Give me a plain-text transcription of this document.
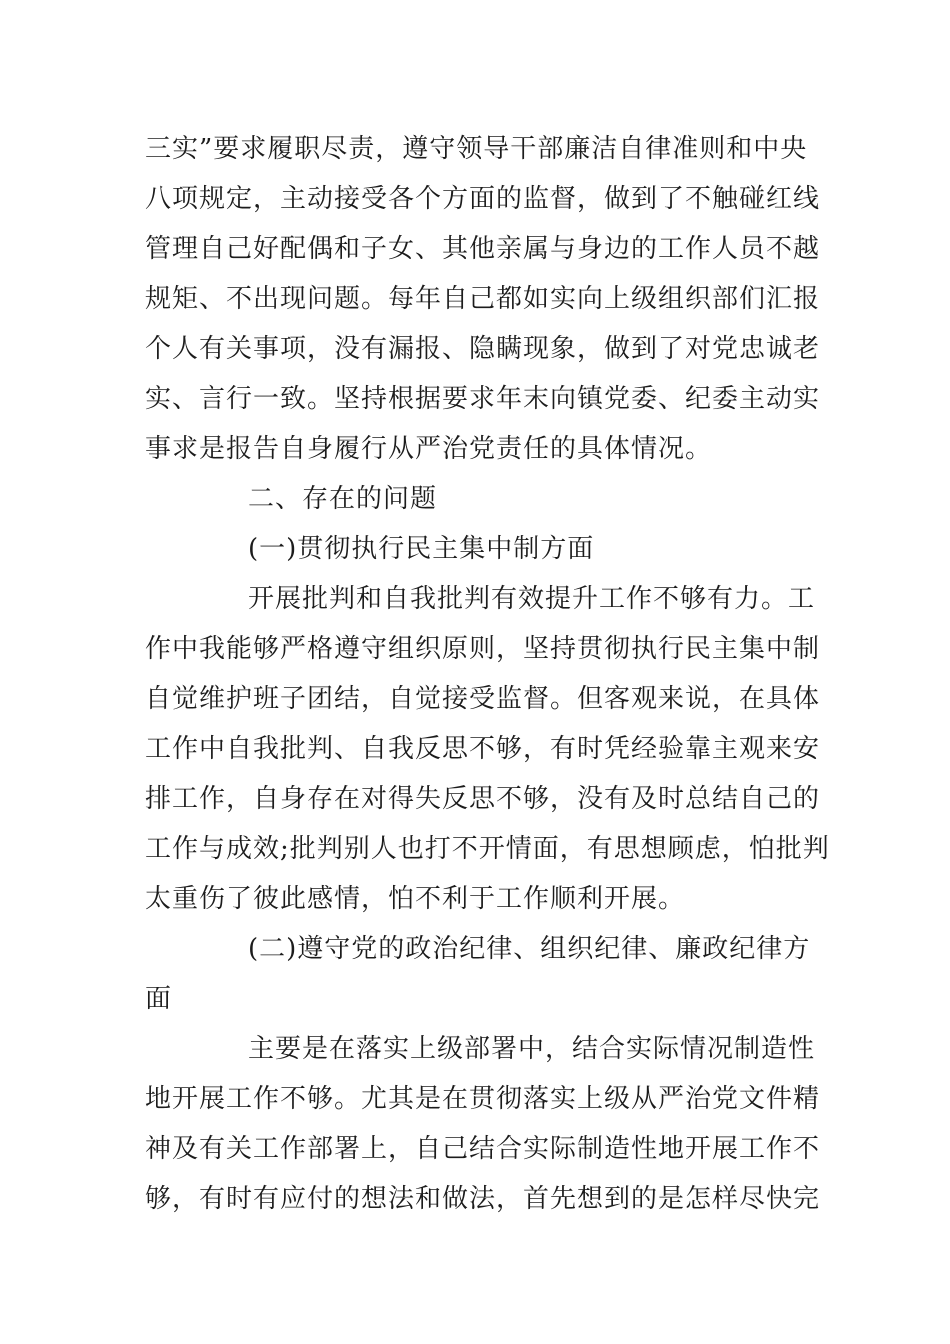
三实”要求履职尽责，遵守领导干部廉洁自律准则和中央
八项规定，主动接受各个方面的监督，做到了不触碰红线
管理自己好配偶和子女、其他亲属与身边的工作人员不越
规矩、不出现问题。每年自己都如实向上级组织部们汇报
个人有关事项，没有漏报、隐瞒现象，做到了对党忠诚老
实、言行一致。坚持根据要求年末向镇党委、纪委主动实
事求是报告自身履行从严治党责任的具体情况。
二、存在的问题
(一)贯彻执行民主集中制方面
开展批判和自我批判有效提升工作不够有力。工
作中我能够严格遵守组织原则，坚持贯彻执行民主集中制
自觉维护班子团结，自觉接受监督。但客观来说，在具体
工作中自我批判、自我反思不够，有时凭经验靠主观来安
排工作，自身存在对得失反思不够，没有及时总结自己的
工作与成效;批判别人也打不开情面，有思想顾虑，怕批判
太重伤了彼此感情，怕不利于工作顺利开展。
(二)遵守党的政治纪律、组织纪律、廉政纪律方
面
主要是在落实上级部署中，结合实际情况制造性
地开展工作不够。尤其是在贯彻落实上级从严治党文件精
神及有关工作部署上，自己结合实际制造性地开展工作不
够，有时有应付的想法和做法，首先想到的是怎样尽快完
